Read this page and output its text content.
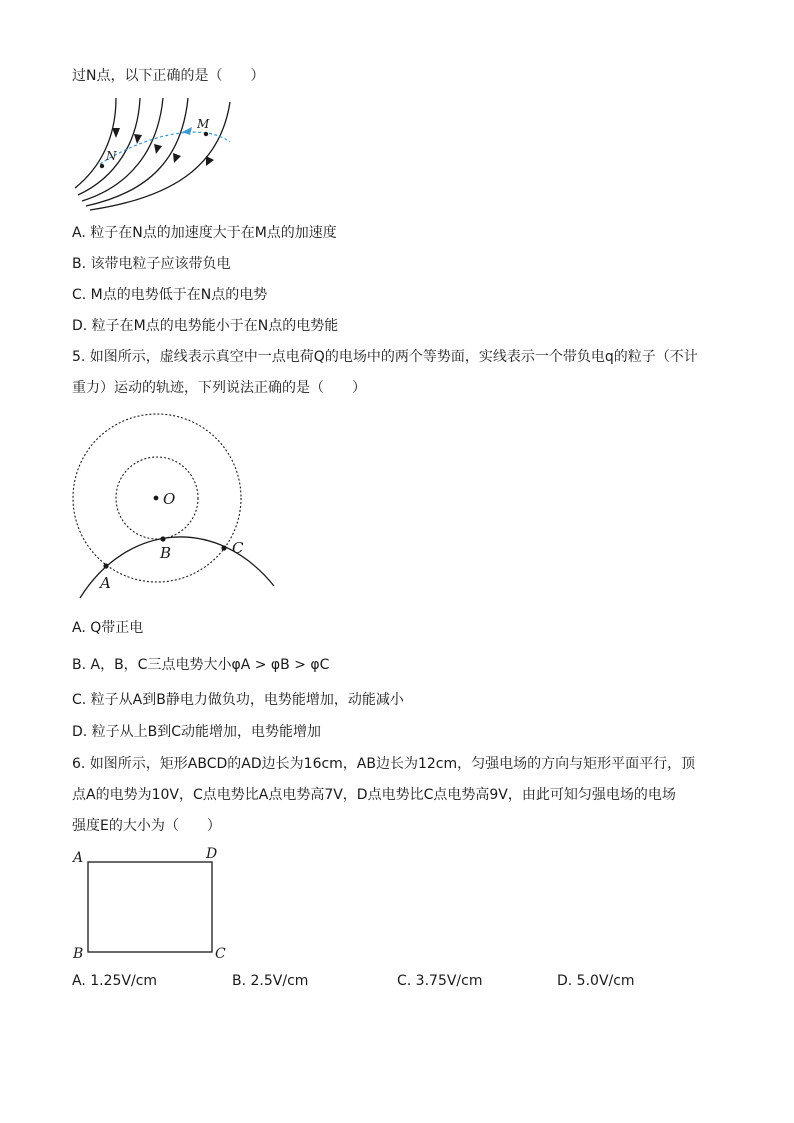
过N点，以下正确的是（　　）
M
N
A. 粒子在N点的加速度大于在M点的加速度
B. 该带电粒子应该带负电
C. M点的电势低于在N点的电势
D. 粒子在M点的电势能小于在N点的电势能
5. 如图所示，虚线表示真空中一点电荷Q的电场中的两个等势面，实线表示一个带负电q的粒子（不计
重力）运动的轨迹，下列说法正确的是（　　）
O
A
B	C
A. Q带正电
B. A，B，C三点电势大小φA > φB > φC
C. 粒子从A到B静电力做负功，电势能增加，动能减小
D. 粒子从上B到C动能增加，电势能增加
6. 如图所示，矩形ABCD的AD边长为16cm，AB边长为12cm，匀强电场的方向与矩形平面平行，顶
点A的电势为10V，C点电势比A点电势高7V，D点电势比C点电势高9V，由此可知匀强电场的电场
强度E的大小为（　　）
A	D
B	C
A. 1.25V/cm	B. 2.5V/cm	C. 3.75V/cm	D. 5.0V/cm
